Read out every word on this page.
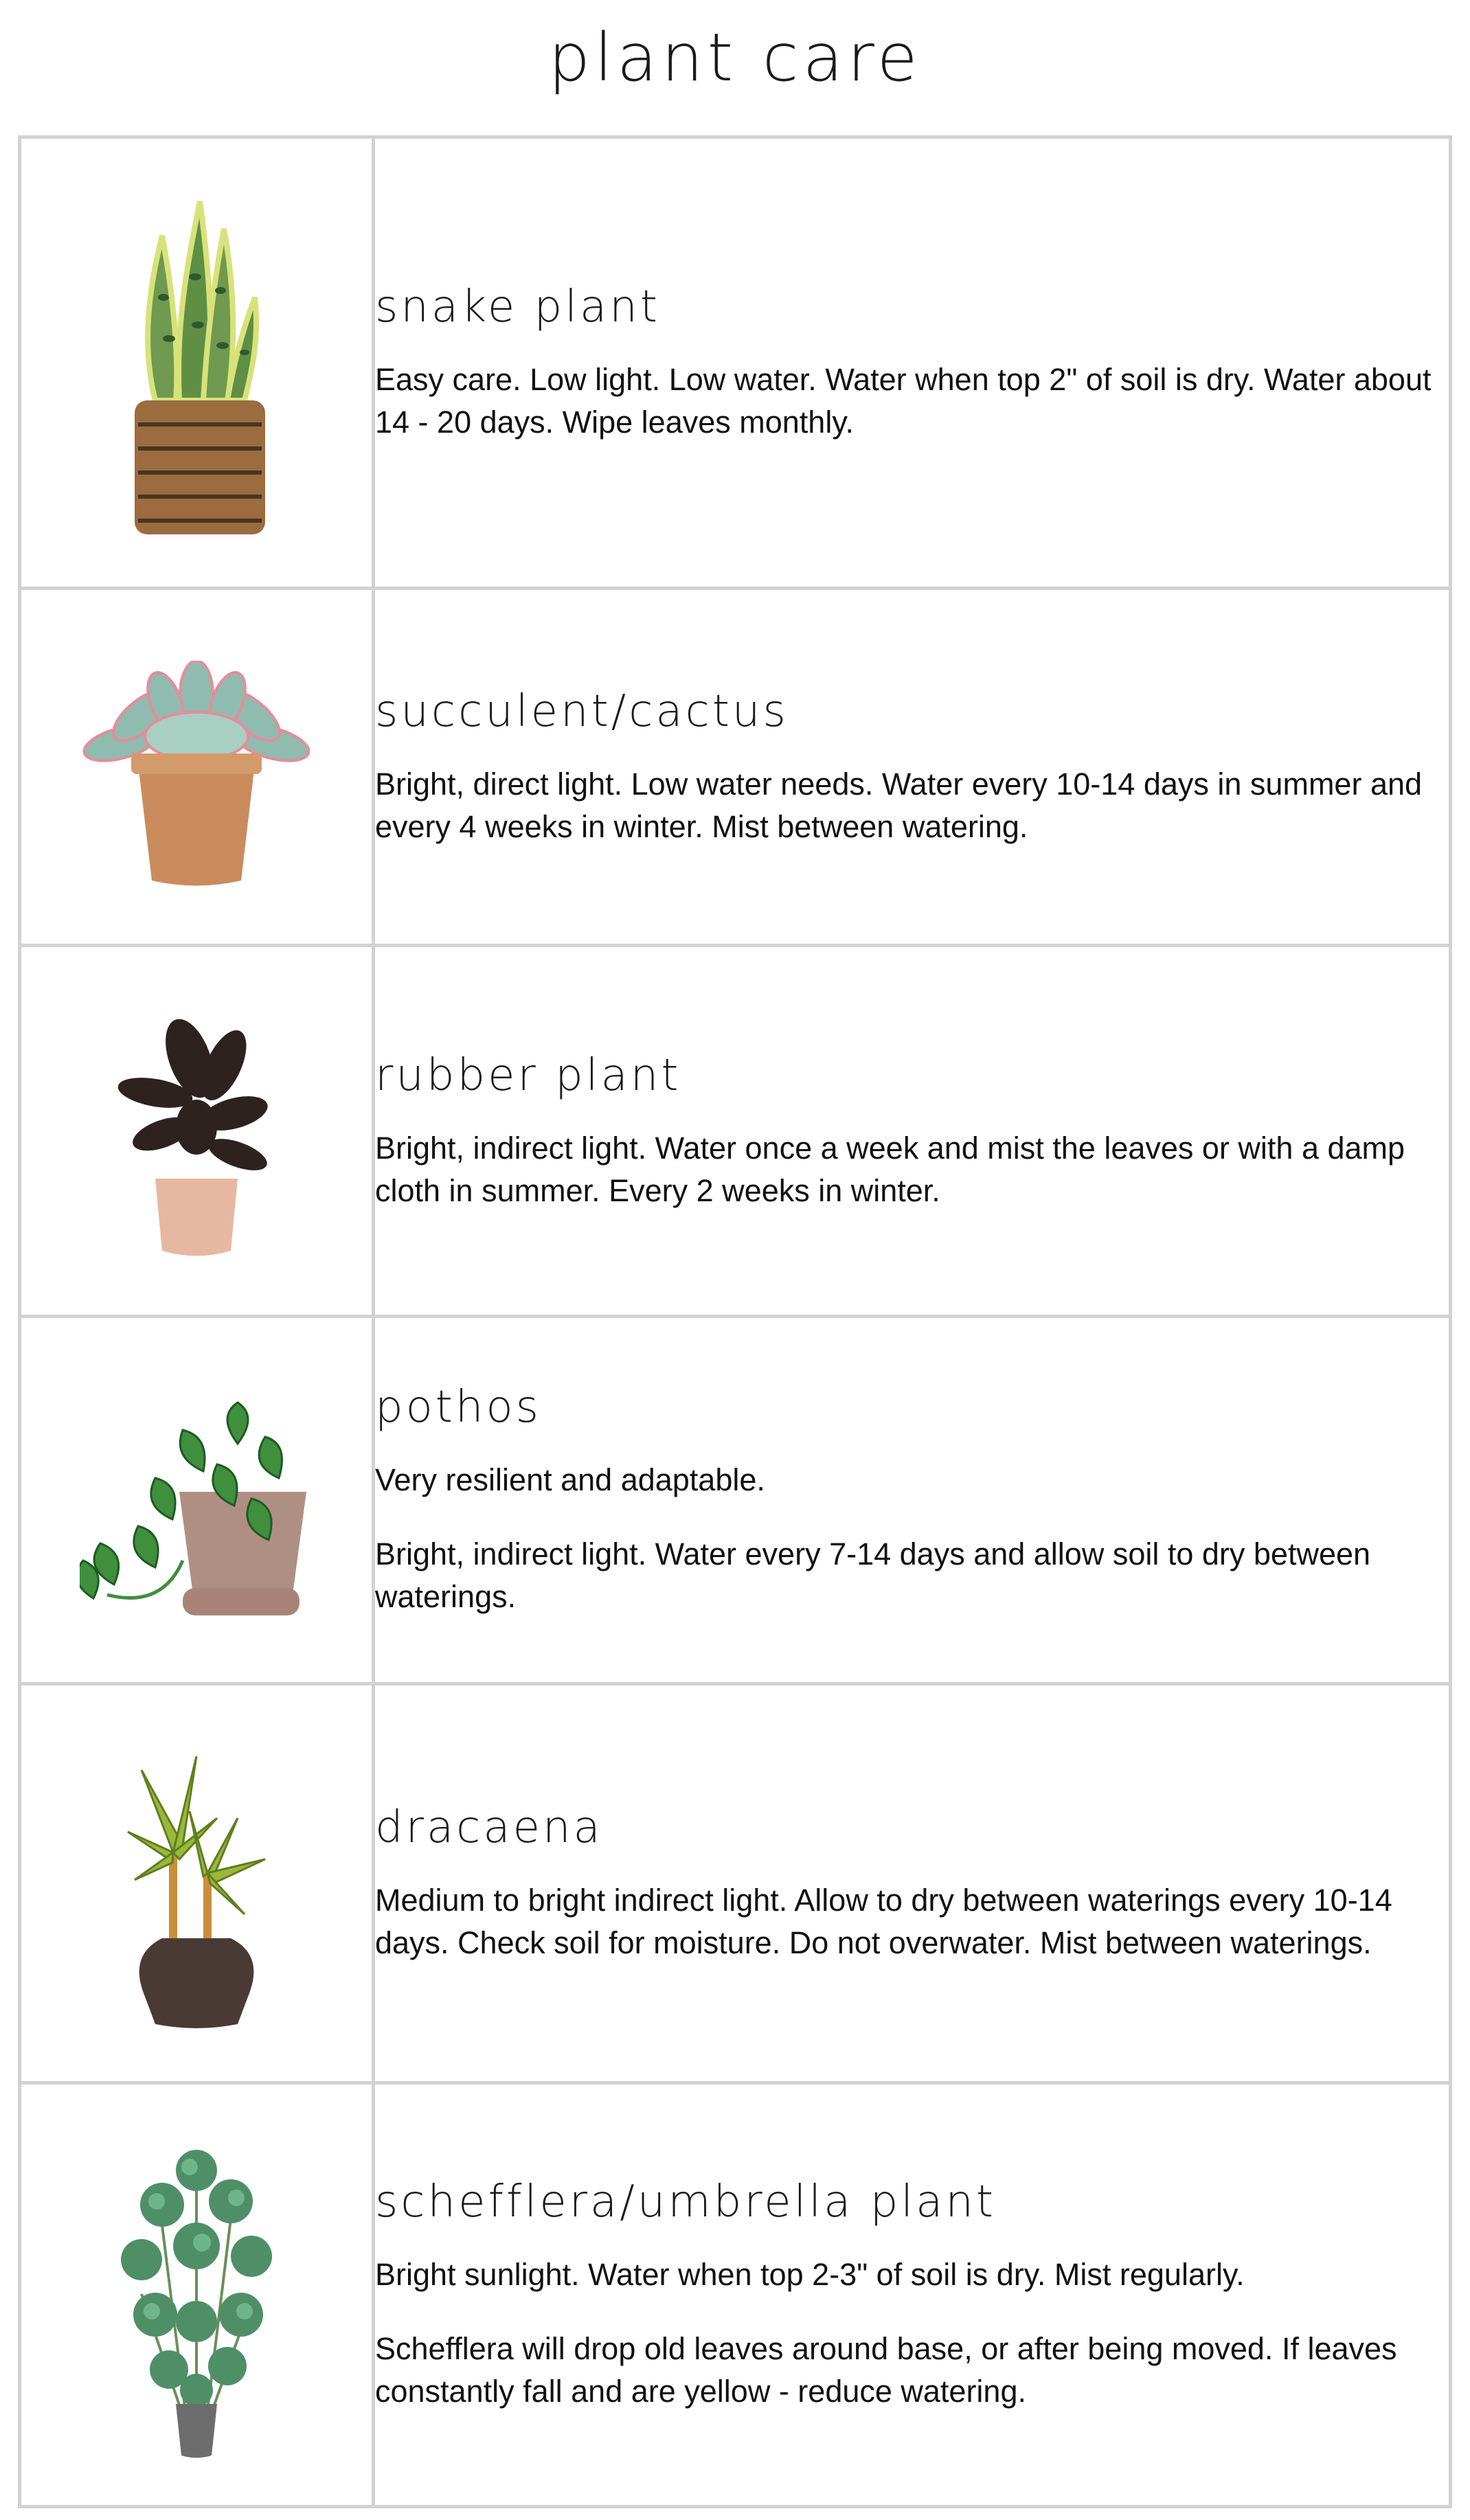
plant care

snake plant

Easy care. Low light. Low water. Water when top 2" of soil is dry. Water about 14 - 20 days. Wipe leaves monthly.

succulent/cactus

Bright, direct light. Low water needs. Water every 10-14 days in summer and every 4 weeks in winter. Mist between watering.

rubber plant

Bright, indirect light. Water once a week and mist the leaves or with a damp cloth in summer. Every 2 weeks in winter.

pothos

Very resilient and adaptable.

Bright, indirect light. Water every 7-14 days and allow soil to dry between waterings.

dracaena

Medium to bright indirect light. Allow to dry between waterings every 10-14 days. Check soil for moisture. Do not overwater. Mist between waterings.

schefflera/umbrella plant

Bright sunlight. Water when top 2-3" of soil is dry. Mist regularly.

Schefflera will drop old leaves around base, or after being moved. If leaves constantly fall and are yellow - reduce watering.
